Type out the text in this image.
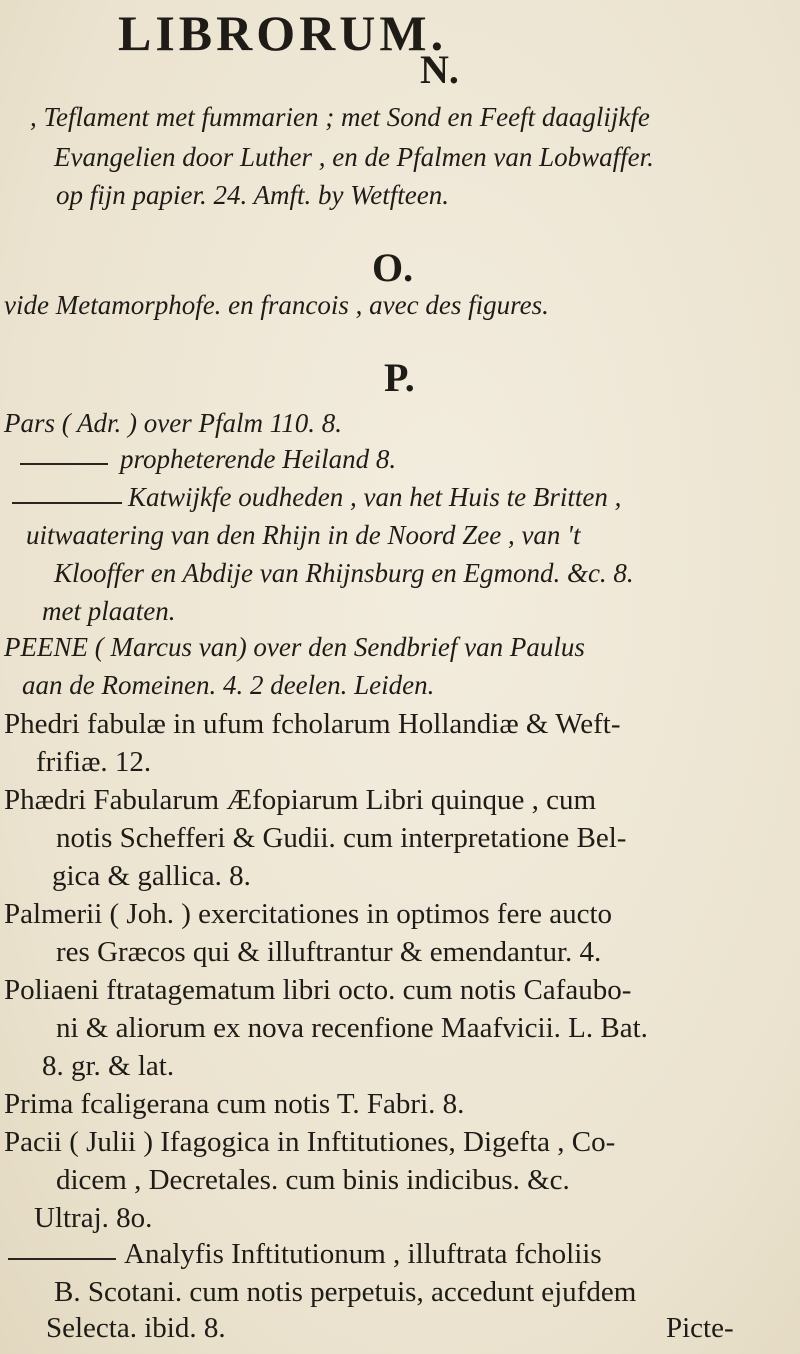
LIBRORUM.
N.
, Teflament met fummarien ; met Sond en Feeft daaglijkfe
Evangelien door Luther , en de Pfalmen van Lobwaffer.
op fijn papier. 24. Amft. by Wetfteen.
O.
vide Metamorphofe. en francois , avec des figures.
P.
Pars ( Adr. ) over Pfalm 110. 8.
propheterende Heiland 8.
Katwijkfe oudheden , van het Huis te Britten ,
uitwaatering van den Rhijn in de Noord Zee , van 't
Klooffer en Abdije van Rhijnsburg en Egmond. &c. 8.
met plaaten.
PEENE ( Marcus van) over den Sendbrief van Paulus
aan de Romeinen. 4. 2 deelen. Leiden.
Phedri fabulæ in ufum fcholarum Hollandiæ & Weft-
frifiæ. 12.
Phædri Fabularum Æfopiarum Libri quinque , cum
notis Schefferi & Gudii. cum interpretatione Bel-
gica & gallica. 8.
Palmerii ( Joh. ) exercitationes in optimos fere aucto
res Græcos qui & illuftrantur & emendantur. 4.
Poliaeni ftratagematum libri octo. cum notis Cafaubo-
ni & aliorum ex nova recenfione Maafvicii. L. Bat.
8. gr. & lat.
Prima fcaligerana cum notis T. Fabri. 8.
Pacii ( Julii ) Ifagogica in Inftitutiones, Digefta , Co-
dicem , Decretales. cum binis indicibus. &c.
Ultraj. 8o.
Analyfis Inftitutionum , illuftrata fcholiis
B. Scotani. cum notis perpetuis, accedunt ejufdem
Selecta. ibid. 8.	Picte-
